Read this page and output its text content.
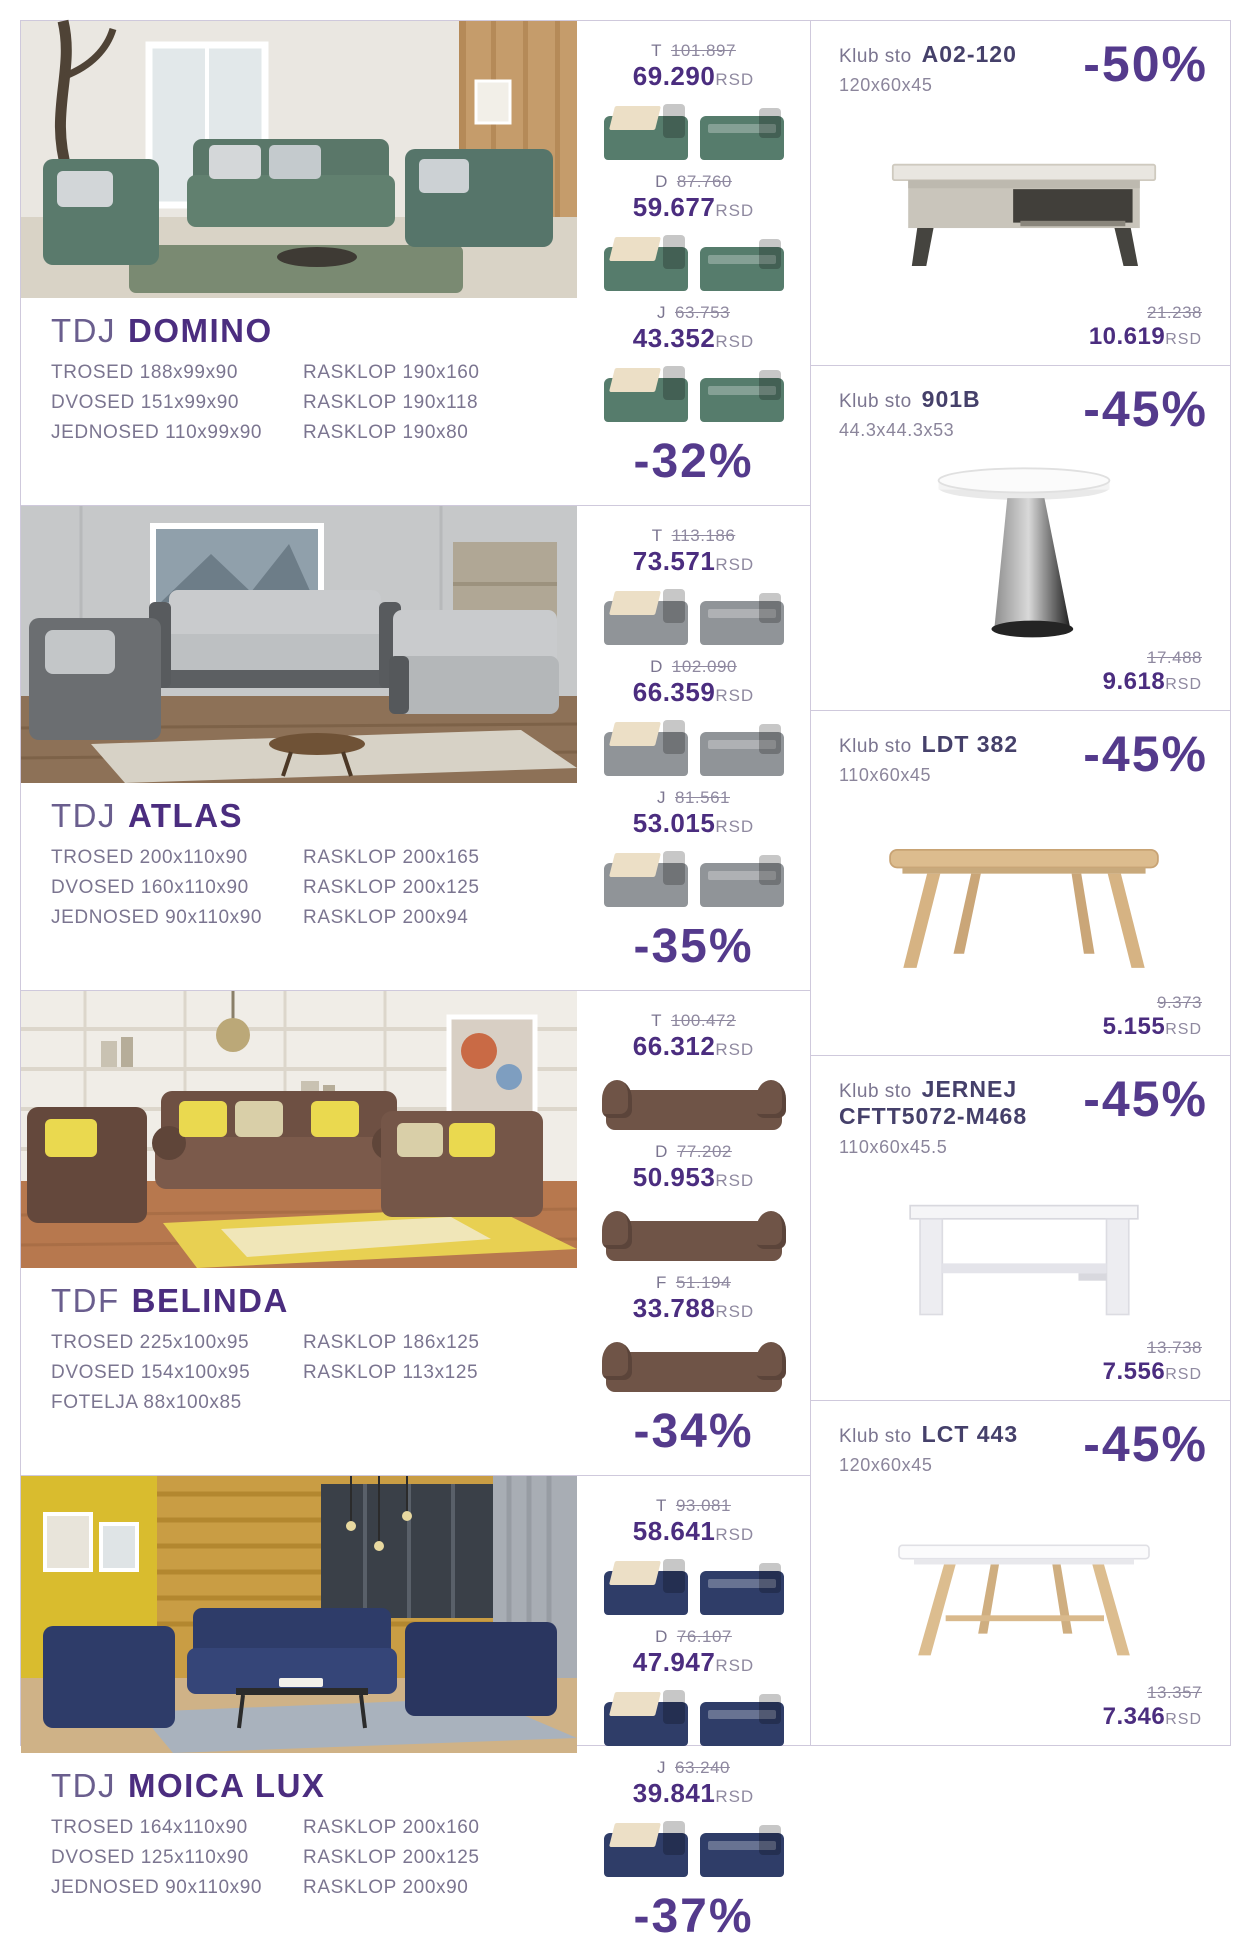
TDJ DOMINO
TROSED 188x99x90	RASKLOP 190x160
DVOSED 151x99x90	RASKLOP 190x118
JEDNOSED 110x99x90	RASKLOP 190x80
T 101.897
69.290RSD
D 87.760
59.677RSD
J 63.753
43.352RSD
-32%
TDJ ATLAS
TROSED 200x110x90	RASKLOP 200x165
DVOSED 160x110x90	RASKLOP 200x125
JEDNOSED 90x110x90	RASKLOP 200x94
T 113.186
73.571RSD
D 102.090
66.359RSD
J 81.561
53.015RSD
-35%
TDF BELINDA
TROSED 225x100x95	RASKLOP 186x125
DVOSED 154x100x95	RASKLOP 113x125
FOTELJA 88x100x85
T 100.472
66.312RSD
D 77.202
50.953RSD
F 51.194
33.788RSD
-34%
TDJ MOICA LUX
TROSED 164x110x90	RASKLOP 200x160
DVOSED 125x110x90	RASKLOP 200x125
JEDNOSED 90x110x90	RASKLOP 200x90
T 93.081
58.641RSD
D 76.107
47.947RSD
J 63.240
39.841RSD
-37%
Klub sto A02-120
120x60x45	-50%
21.238
10.619RSD
Klub sto 901B
44.3x44.3x53	-45%
17.488
9.618RSD
Klub sto LDT 382
110x60x45	-45%
9.373
5.155RSD
Klub sto JERNEJ
CFTT5072-M468
110x60x45.5
-45%
13.738
7.556RSD
Klub sto LCT 443
120x60x45	-45%
13.357
7.346RSD
